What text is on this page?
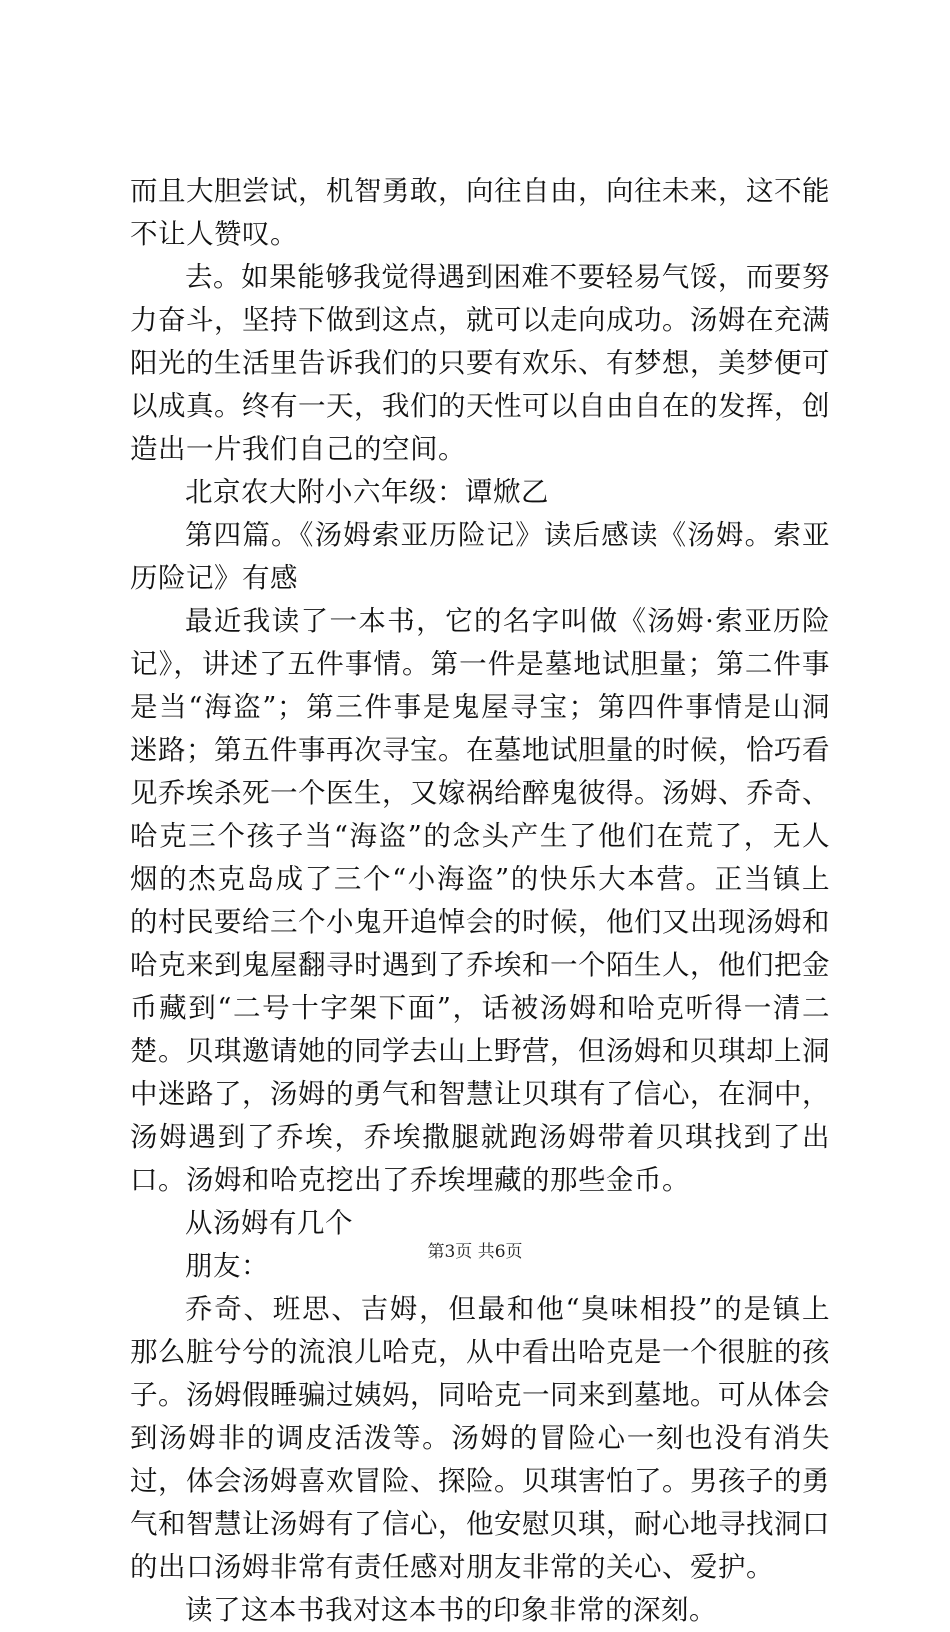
而且大胆尝试，机智勇敢，向往自由，向往未来，这不能不让人赞叹。

去。如果能够我觉得遇到困难不要轻易气馁，而要努力奋斗，坚持下做到这点，就可以走向成功。汤姆在充满阳光的生活里告诉我们的只要有欢乐、有梦想，美梦便可以成真。终有一天，我们的天性可以自由自在的发挥，创造出一片我们自己的空间。

北京农大附小六年级：谭焮乙

第四篇。《汤姆索亚历险记》读后感读《汤姆。索亚历险记》有感

最近我读了一本书，它的名字叫做《汤姆·索亚历险记》，讲述了五件事情。第一件是墓地试胆量；第二件事是当“海盗”；第三件事是鬼屋寻宝；第四件事情是山洞迷路；第五件事再次寻宝。在墓地试胆量的时候，恰巧看见乔埃杀死一个医生，又嫁祸给醉鬼彼得。汤姆、乔奇、哈克三个孩子当“海盗”的念头产生了他们在荒了，无人烟的杰克岛成了三个“小海盗”的快乐大本营。正当镇上的村民要给三个小鬼开追悼会的时候，他们又出现汤姆和哈克来到鬼屋翻寻时遇到了乔埃和一个陌生人，他们把金币藏到“二号十字架下面”，话被汤姆和哈克听得一清二楚。贝琪邀请她的同学去山上野营，但汤姆和贝琪却上洞中迷路了，汤姆的勇气和智慧让贝琪有了信心，在洞中，汤姆遇到了乔埃，乔埃撒腿就跑汤姆带着贝琪找到了出口。汤姆和哈克挖出了乔埃埋藏的那些金币。

从汤姆有几个

朋友：

乔奇、班思、吉姆，但最和他“臭味相投”的是镇上那么脏兮兮的流浪儿哈克，从中看出哈克是一个很脏的孩子。汤姆假睡骗过姨妈，同哈克一同来到墓地。可从体会到汤姆非的调皮活泼等。汤姆的冒险心一刻也没有消失过，体会汤姆喜欢冒险、探险。贝琪害怕了。男孩子的勇气和智慧让汤姆有了信心，他安慰贝琪，耐心地寻找洞口的出口汤姆非常有责任感对朋友非常的关心、爱护。

读了这本书我对这本书的印象非常的深刻。

第3页 共6页
